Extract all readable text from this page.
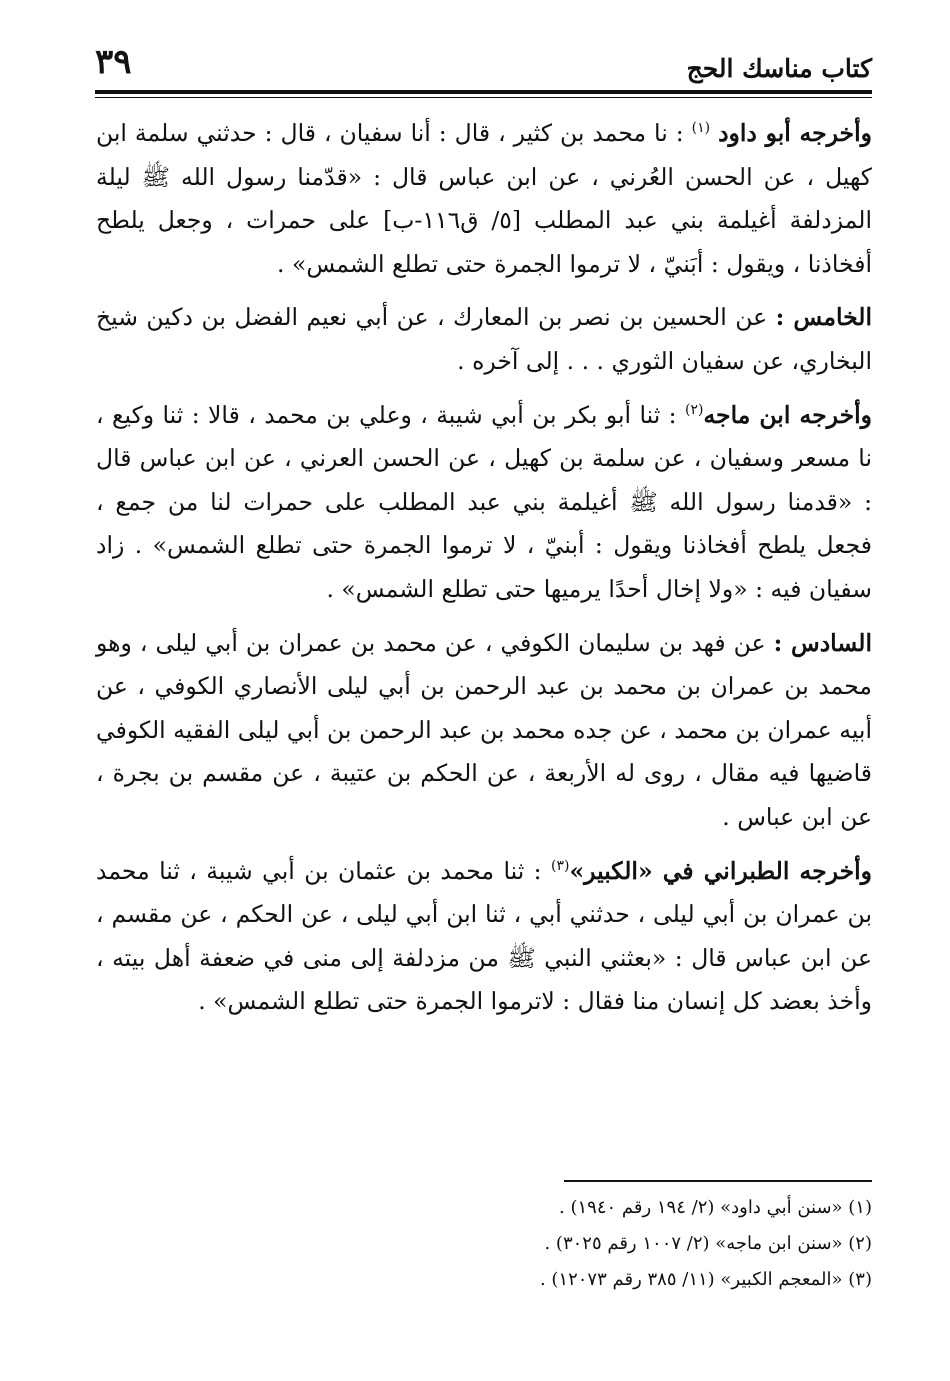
كتاب مناسك الحج
٣٩

وأخرجه أبو داود $^{(١)}$ : نا محمد بن كثير ، قال : أنا سفيان ، قال : حدثني سلمة ابن كهيل ، عن الحسن العُرني ، عن ابن عباس قال : «قدّمنا رسول الله ﷺ ليلة المزدلفة أغيلمة بني عبد المطلب [٥/ ق١١٦-ب] على حمرات ، وجعل يلطح أفخاذنا ، ويقول : أبَنيّ ، لا ترموا الجمرة حتى تطلع الشمس» .

الخامس : عن الحسين بن نصر بن المعارك ، عن أبي نعيم الفضل بن دكين شيخ البخاري، عن سفيان الثوري . . . إلى آخره .

وأخرجه ابن ماجه$^{(٢)}$ : ثنا أبو بكر بن أبي شيبة ، وعلي بن محمد ، قالا : ثنا وكيع ، نا مسعر وسفيان ، عن سلمة بن كهيل ، عن الحسن العرني ، عن ابن عباس قال : «قدمنا رسول الله ﷺ أغيلمة بني عبد المطلب على حمرات لنا من جمع ، فجعل يلطح أفخاذنا ويقول : أبنيّ ، لا ترموا الجمرة حتى تطلع الشمس» . زاد سفيان فيه : «ولا إخال أحدًا يرميها حتى تطلع الشمس» .

السادس : عن فهد بن سليمان الكوفي ، عن محمد بن عمران بن أبي ليلى ، وهو محمد بن عمران بن محمد بن عبد الرحمن بن أبي ليلى الأنصاري الكوفي ، عن أبيه عمران بن محمد ، عن جده محمد بن عبد الرحمن بن أبي ليلى الفقيه الكوفي قاضيها فيه مقال ، روى له الأربعة ، عن الحكم بن عتيبة ، عن مقسم بن بجرة ، عن ابن عباس .

وأخرجه الطبراني في «الكبير»$^{(٣)}$ : ثنا محمد بن عثمان بن أبي شيبة ، ثنا محمد بن عمران بن أبي ليلى ، حدثني أبي ، ثنا ابن أبي ليلى ، عن الحكم ، عن مقسم ، عن ابن عباس قال : «بعثني النبي ﷺ من مزدلفة إلى منى في ضعفة أهل بيته ، وأخذ بعضد كل إنسان منا فقال : لاترموا الجمرة حتى تطلع الشمس» .

(١) «سنن أبي داود» (٢/ ١٩٤ رقم ١٩٤٠) .
(٢) «سنن ابن ماجه» (٢/ ١٠٠٧ رقم ٣٠٢٥) .
(٣) «المعجم الكبير» (١١/ ٣٨٥ رقم ١٢٠٧٣) .
